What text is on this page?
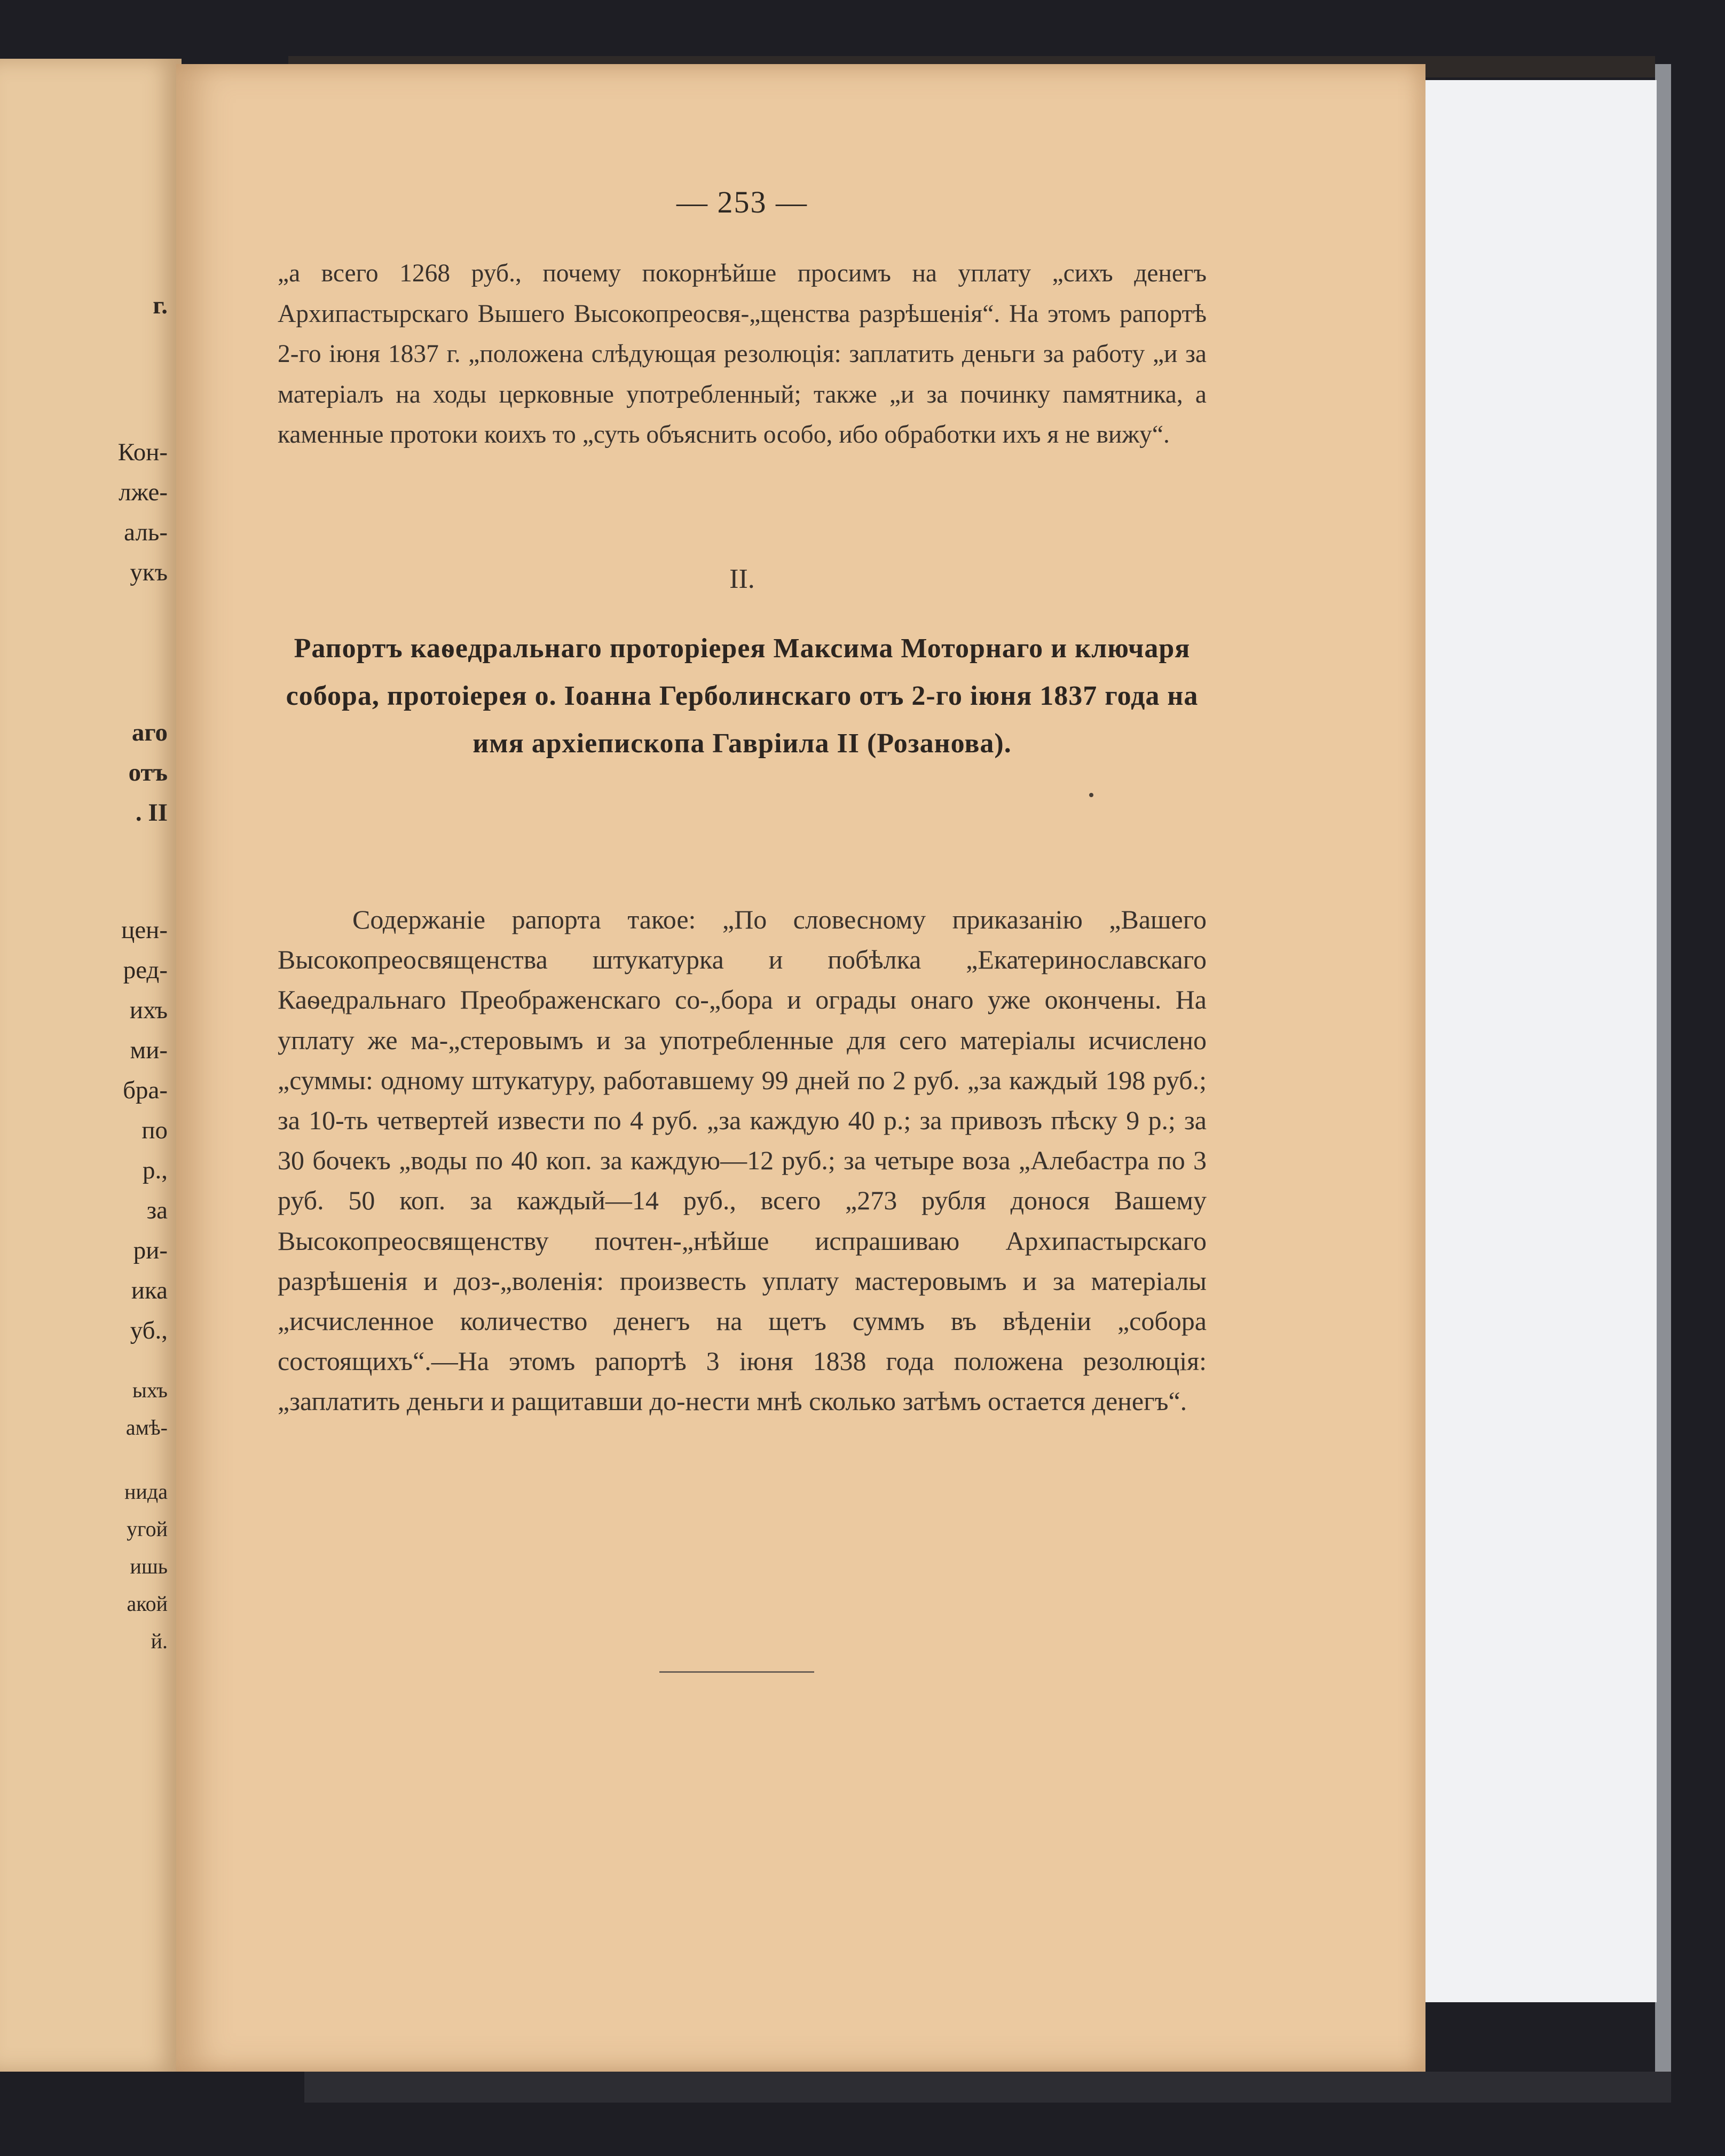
г.
Кон-
лже-
аль-
укъ
аго
отъ
. II
цен-
ред-
ихъ
ми-
бра-
по
р.,
за
ри-
ика
уб.,
ыхъ
амѣ-
нида
угой
ишь
акой
й.
— 253 —
„а всего 1268 руб., почему покорнѣйше просимъ на уплату „сихъ денегъ Архипастырскаго Вышего Высокопреосвя-„щенства разрѣшенія“. На этомъ рапортѣ 2-го іюня 1837 г. „положена слѣдующая резолюція: заплатить деньги за работу „и за матеріалъ на ходы церковные употребленный; также „и за починку памятника, а каменные протоки коихъ то „суть объяснить особо, ибо обработки ихъ я не вижу“.
II.
Рапортъ каѳедральнаго проторіерея Максима Моторнаго и ключаря собора, протоіерея о. Іоанна Герболинскаго отъ 2-го іюня 1837 года на имя архіепископа Гавріила II (Розанова).
Содержаніе рапорта такое: „По словесному приказанію „Вашего Высокопреосвященства штукатурка и побѣлка „Екатеринославскаго Каѳедральнаго Преображенскаго со-„бора и ограды онаго уже окончены. На уплату же ма-„стеровымъ и за употребленные для сего матеріалы исчислено „суммы: одному штукатуру, работавшему 99 дней по 2 руб. „за каждый 198 руб.; за 10-ть четвертей извести по 4 руб. „за каждую 40 р.; за привозъ пѣску 9 р.; за 30 бочекъ „воды по 40 коп. за каждую—12 руб.; за четыре воза „Алебастра по 3 руб. 50 коп. за каждый—14 руб., всего „273 рубля донося Вашему Высокопреосвященству почтен-„нѣйше испрашиваю Архипастырскаго разрѣшенія и доз-„воленія: произвесть уплату мастеровымъ и за матеріалы „исчисленное количество денегъ на щетъ суммъ въ вѣденіи „собора состоящихъ“.—На этомъ рапортѣ 3 іюня 1838 года положена резолюція: „заплатить деньги и ращитавши до-нести мнѣ сколько затѣмъ остается денегъ“.
